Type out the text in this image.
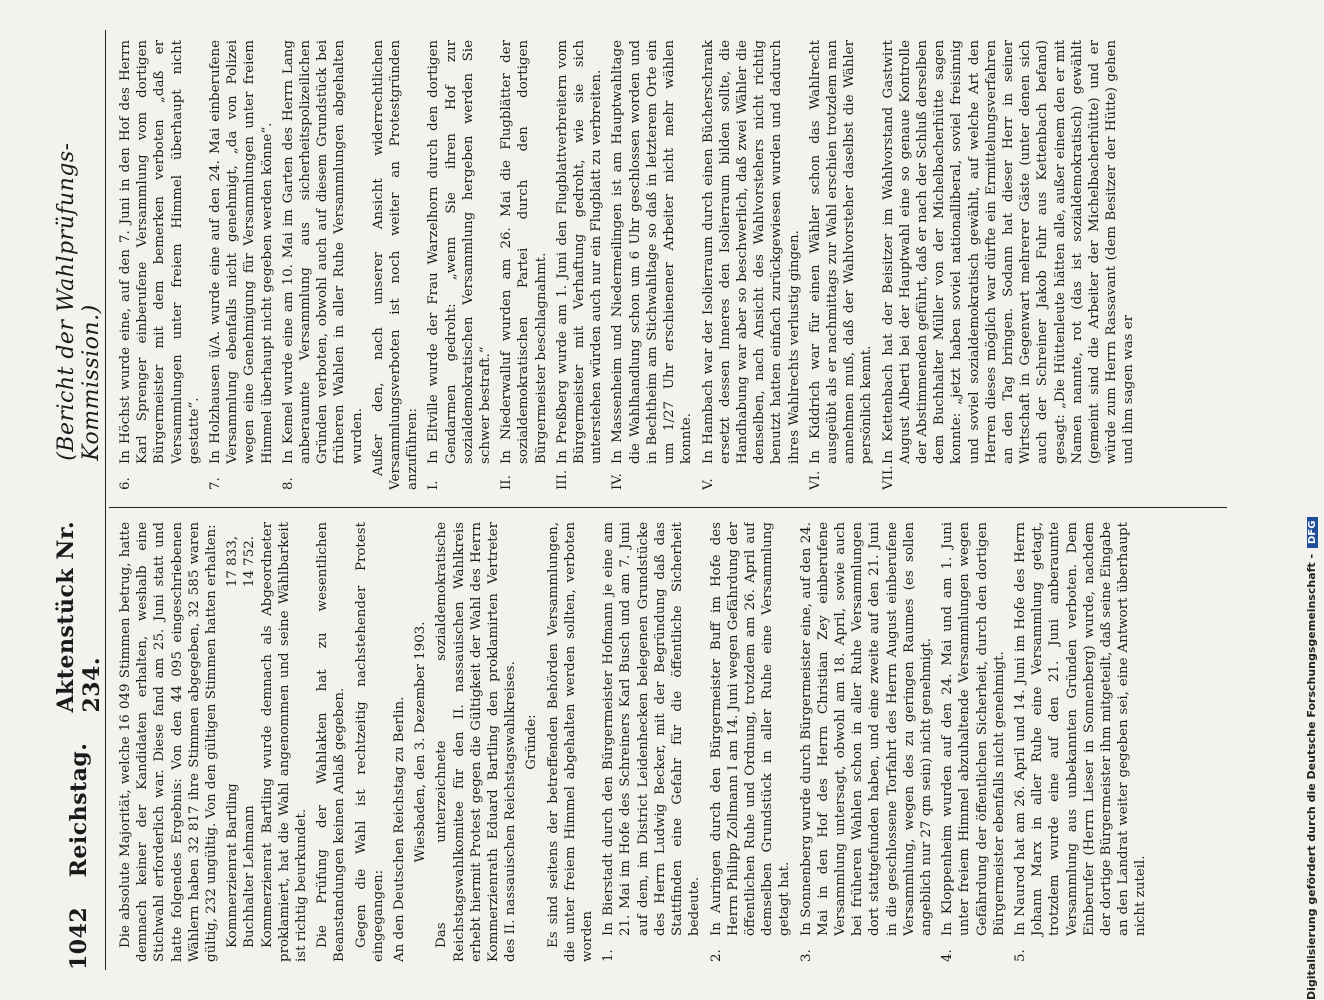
1042
Reichstag.
Aktenstück Nr. 234.
(Bericht der Wahlprüfungs-Kommission.)

Die absolute Majorität, welche 16 049 Stimmen betrug, hatte demnach keiner der Kandidaten erhalten, weshalb eine Stichwahl erforderlich war. Diese fand am 25. Juni statt und hatte folgendes Ergebnis: Von den 44 095 eingeschriebenen Wählern haben 32 817 ihre Stimmen abgegeben, 32 585 waren gültig, 232 ungültig. Von den gültigen Stimmen hatten erhalten: Kommerzienrat Bartling
17 833,
Buchhalter Lehmann
14 752. Kommerzienrat Bartling wurde demnach als Abgeordneter proklamiert, hat die Wahl angenommen und seine Wählbarkeit ist richtig beurkundet. Die Prüfung der Wahlakten hat zu wesentlichen Beanstandungen keinen Anlaß gegeben. Gegen die Wahl ist rechtzeitig nachstehender Protest eingegangen: An den Deutschen Reichstag zu Berlin. Wiesbaden, den 3. Dezember 1903. Das unterzeichnete sozialdemokratische Reichstagswahlkomitee für den II. nassauischen Wahlkreis erhebt hiermit Protest gegen die Gültigkeit der Wahl des Herrn Kommerzienrath Eduard Bartling den proklamirten Vertreter des II. nassauischen Reichstagswahlkreises. Gründe: Es sind seitens der betreffenden Behörden Versammlungen, die unter freiem Himmel abgehalten werden sollten, verboten worden 1.
In Bierstadt durch den Bürgermeister Hofmann je eine am 21. Mai im Hofe des Schreiners Karl Busch und am 7. Juni auf dem, im District Leidenhecken belegenen Grundstücke des Herrn Ludwig Becker, mit der Begründung daß das Stattfinden eine Gefahr für die öffentliche Sicherheit bedeute.
2.
In Auringen durch den Bürgermeister Buff im Hofe des Herrn Philipp Zollmann I am 14. Juni wegen Gefährdung der öffentlichen Ruhe und Ordnung, trotzdem am 26. April auf demselben Grundstück in aller Ruhe eine Versammlung getagt hat.
3.
In Sonnenberg wurde durch Bürgermeister eine, auf den 24. Mai in den Hof des Herrn Christian Zey einberufene Versammlung untersagt, obwohl am 18. April, sowie auch bei früheren Wahlen schon in aller Ruhe Versammlungen dort stattgefunden haben, und eine zweite auf den 21. Juni in die geschlossene Torfahrt des Herrn August einberufene Versammlung, wegen des zu geringen Raumes (es sollen angeblich nur 27 qm sein) nicht genehmigt.
4.
In Kloppenheim wurden auf den 24. Mai und am 1. Juni unter freiem Himmel abzuhaltende Versammlungen wegen Gefährdung der öffentlichen Sicherheit, durch den dortigen Bürgermeister ebenfalls nicht genehmigt.
5.
In Naurod hat am 26. April und 14. Juni im Hofe des Herrn Johann Marx in aller Ruhe eine Versammlung getagt, trotzdem wurde eine auf den 21. Juni anberaumte Versammlung aus unbekannten Gründen verboten. Dem Einberufer (Herrn Lieser in Sonnenberg) wurde, nachdem der dortige Bürgermeister ihm mitgeteilt, daß seine Eingabe an den Landrat weiter gegeben sei, eine Antwort überhaupt nicht zuteil.
6.
In Höchst wurde eine, auf den 7. Juni in den Hof des Herrn Karl Sprenger einberufene Versammlung vom dortigen Bürgermeister mit dem bemerken verboten „daß er Versammlungen unter freiem Himmel überhaupt nicht gestatte“.
7.
In Holzhausen ü/A. wurde eine auf den 24. Mai einberufene Versammlung ebenfalls nicht genehmigt, „da von Polizei wegen eine Genehmigung für Versammlungen unter freiem Himmel überhaupt nicht gegeben werden könne“.
8.
In Kemel wurde eine am 10. Mai im Garten des Herrn Lang anberaumte Versammlung aus sicherheitspolizeilichen Gründen verboten, obwohl auch auf diesem Grundstück bei früheren Wahlen in aller Ruhe Versammlungen abgehalten wurden. Außer den, nach unserer Ansicht widerrechtlichen Versammlungsverboten ist noch weiter an Protestgründen anzuführen: I.
In Eltville wurde der Frau Warzelhorn durch den dortigen Gendarmen gedroht: „wenn Sie ihren Hof zur sozialdemokratischen Versammlung hergeben werden Sie schwer bestraft.“
II.
In Niederwalluf wurden am 26. Mai die Flugblätter der sozialdemokratischen Partei durch den dortigen Bürgermeister beschlagnahmt.
III.
In Preßberg wurde am 1. Juni den Flugblattverbreitern vom Bürgermeister mit Verhaftung gedroht, wie sie sich unterstehen würden auch nur ein Flugblatt zu verbreiten.
IV.
In Massenheim und Niedermeilingen ist am Hauptwahltage die Wahlhandlung schon um 6 Uhr geschlossen worden und in Bechtheim am Stichwahltage so daß in letzterem Orte ein um 1/27 Uhr erschienener Arbeiter nicht mehr wählen konnte.
V.
In Hambach war der Isolierraum durch einen Bücherschrank ersetzt dessen Inneres den Isolierraum bilden sollte, die Handhabung war aber so beschwerlich, daß zwei Wähler die denselben, nach Ansicht des Wahlvorstehers nicht richtig benutzt hatten einfach zurückgewiesen wurden und dadurch ihres Wahlrechts verlustig gingen.
VI.
In Kiddrich war für einen Wähler schon das Wahlrecht ausgeübt als er nachmittags zur Wahl erschien trotzdem man annehmen muß, daß der Wahlvorsteher daselbst die Wähler persönlich kennt.
VII.
In Kettenbach hat der Beisitzer im Wahlvorstand Gastwirt August Alberti bei der Hauptwahl eine so genaue Kontrolle der Abstimmenden geführt, daß er nach der Schluß derselben dem Buchhalter Müller von der Michelbacherhütte sagen konnte: „jetzt haben soviel nationalliberal, soviel freisinnig und soviel sozialdemokratisch gewählt, auf welche Art den Herren dieses möglich war dürfte ein Ermittelungsverfahren an den Tag bringen. Sodann hat dieser Herr in seiner Wirtschaft in Gegenwart mehrerer Gäste (unter denen sich auch der Schreiner Jakob Fuhr aus Kettenbach befand) gesagt: „Die Hüttenleute hätten alle, außer einem den er mit Namen nannte, rot (das ist sozialdemokratisch) gewählt (gemeint sind die Arbeiter der Michelbacherhütte) und er würde zum Herrn Rassavant (dem Besitzer der Hütte) gehen und ihm sagen was er
Digitalisierung gefördert durch die Deutsche Forschungsgemeinschaft -DFG
